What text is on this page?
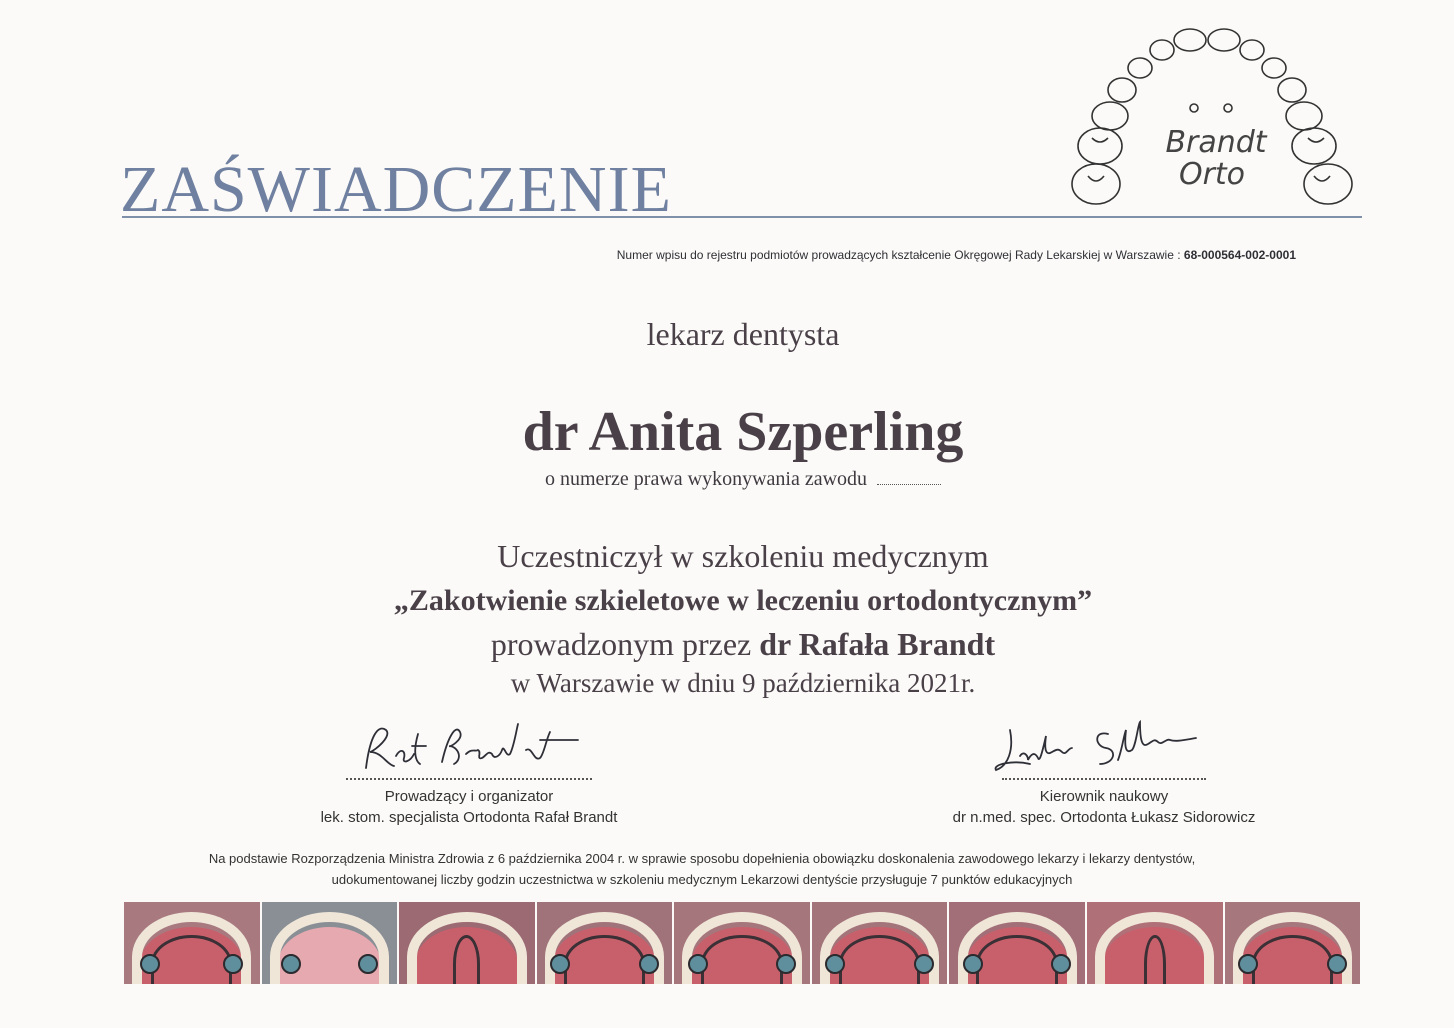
Brandt
Orto
ZAŚWIADCZENIE
Numer wpisu do rejestru podmiotów prowadzących kształcenie Okręgowej Rady Lekarskiej w Warszawie : 68-000564-002-0001
lekarz dentysta
dr Anita Szperling
o numerze prawa wykonywania zawodu
Uczestniczył w szkoleniu medycznym
„Zakotwienie szkieletowe w leczeniu ortodontycznym”
prowadzonym przez dr Rafała Brandt
w Warszawie w dniu 9 października 2021r.
Prowadzący i organizator
lek. stom. specjalista Ortodonta Rafał Brandt
Kierownik naukowy
dr n.med. spec. Ortodonta Łukasz Sidorowicz
Na podstawie Rozporządzenia Ministra Zdrowia z 6 października 2004 r. w sprawie sposobu dopełnienia obowiązku doskonalenia zawodowego lekarzy i lekarzy dentystów,
udokumentowanej liczby godzin uczestnictwa w szkoleniu medycznym Lekarzowi dentyście przysługuje 7 punktów edukacyjnych
